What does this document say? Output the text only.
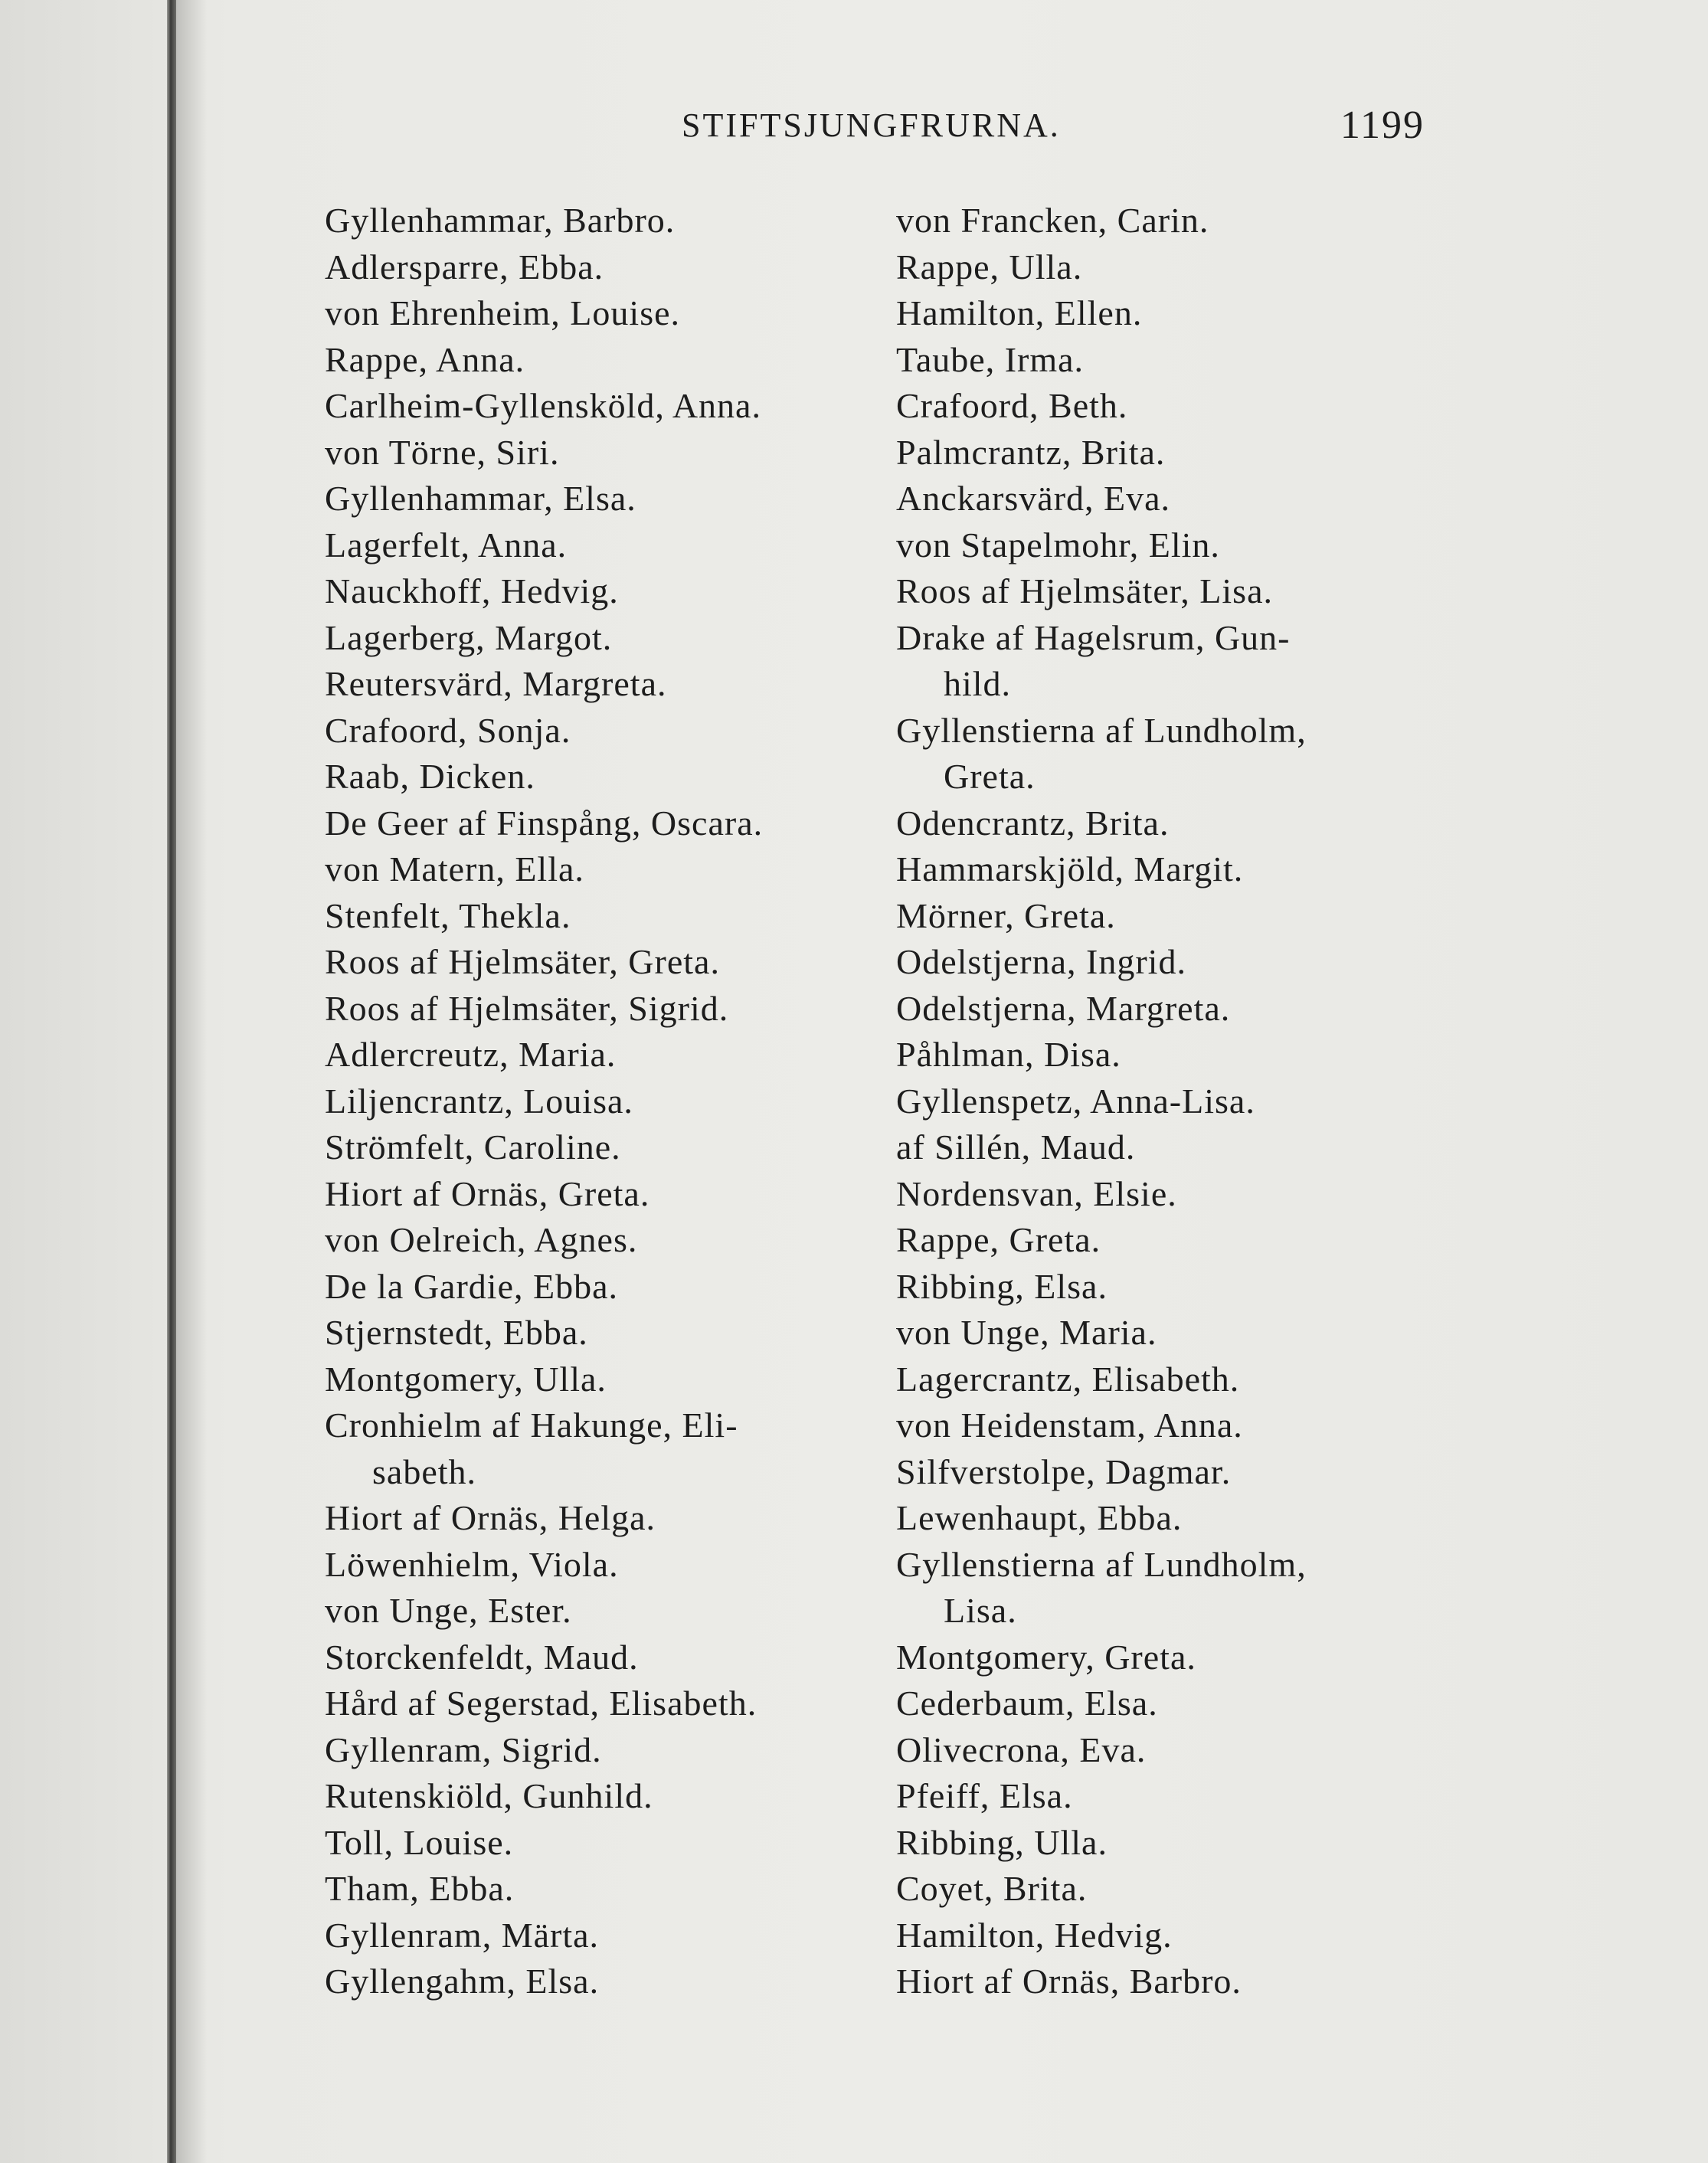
STIFTSJUNGFRURNA.	1199
Gyllenhammar, Barbro.
Adlersparre, Ebba.
von Ehrenheim, Louise.
Rappe, Anna.
Carlheim-Gyllensköld, Anna.
von Törne, Siri.
Gyllenhammar, Elsa.
Lagerfelt, Anna.
Nauckhoff, Hedvig.
Lagerberg, Margot.
Reutersvärd, Margreta.
Crafoord, Sonja.
Raab, Dicken.
De Geer af Finspång, Oscara.
von Matern, Ella.
Stenfelt, Thekla.
Roos af Hjelmsäter, Greta.
Roos af Hjelmsäter, Sigrid.
Adlercreutz, Maria.
Liljencrantz, Louisa.
Strömfelt, Caroline.
Hiort af Ornäs, Greta.
von Oelreich, Agnes.
De la Gardie, Ebba.
Stjernstedt, Ebba.
Montgomery, Ulla.
Cronhielm af Hakunge, Eli-
sabeth.
Hiort af Ornäs, Helga.
Löwenhielm, Viola.
von Unge, Ester.
Storckenfeldt, Maud.
Hård af Segerstad, Elisabeth.
Gyllenram, Sigrid.
Rutenskiöld, Gunhild.
Toll, Louise.
Tham, Ebba.
Gyllenram, Märta.
Gyllengahm, Elsa.
von Francken, Carin.
Rappe, Ulla.
Hamilton, Ellen.
Taube, Irma.
Crafoord, Beth.
Palmcrantz, Brita.
Anckarsvärd, Eva.
von Stapelmohr, Elin.
Roos af Hjelmsäter, Lisa.
Drake af Hagelsrum, Gun-
hild.
Gyllenstierna af Lundholm,
Greta.
Odencrantz, Brita.
Hammarskjöld, Margit.
Mörner, Greta.
Odelstjerna, Ingrid.
Odelstjerna, Margreta.
Påhlman, Disa.
Gyllenspetz, Anna-Lisa.
af Sillén, Maud.
Nordensvan, Elsie.
Rappe, Greta.
Ribbing, Elsa.
von Unge, Maria.
Lagercrantz, Elisabeth.
von Heidenstam, Anna.
Silfverstolpe, Dagmar.
Lewenhaupt, Ebba.
Gyllenstierna af Lundholm,
Lisa.
Montgomery, Greta.
Cederbaum, Elsa.
Olivecrona, Eva.
Pfeiff, Elsa.
Ribbing, Ulla.
Coyet, Brita.
Hamilton, Hedvig.
Hiort af Ornäs, Barbro.
